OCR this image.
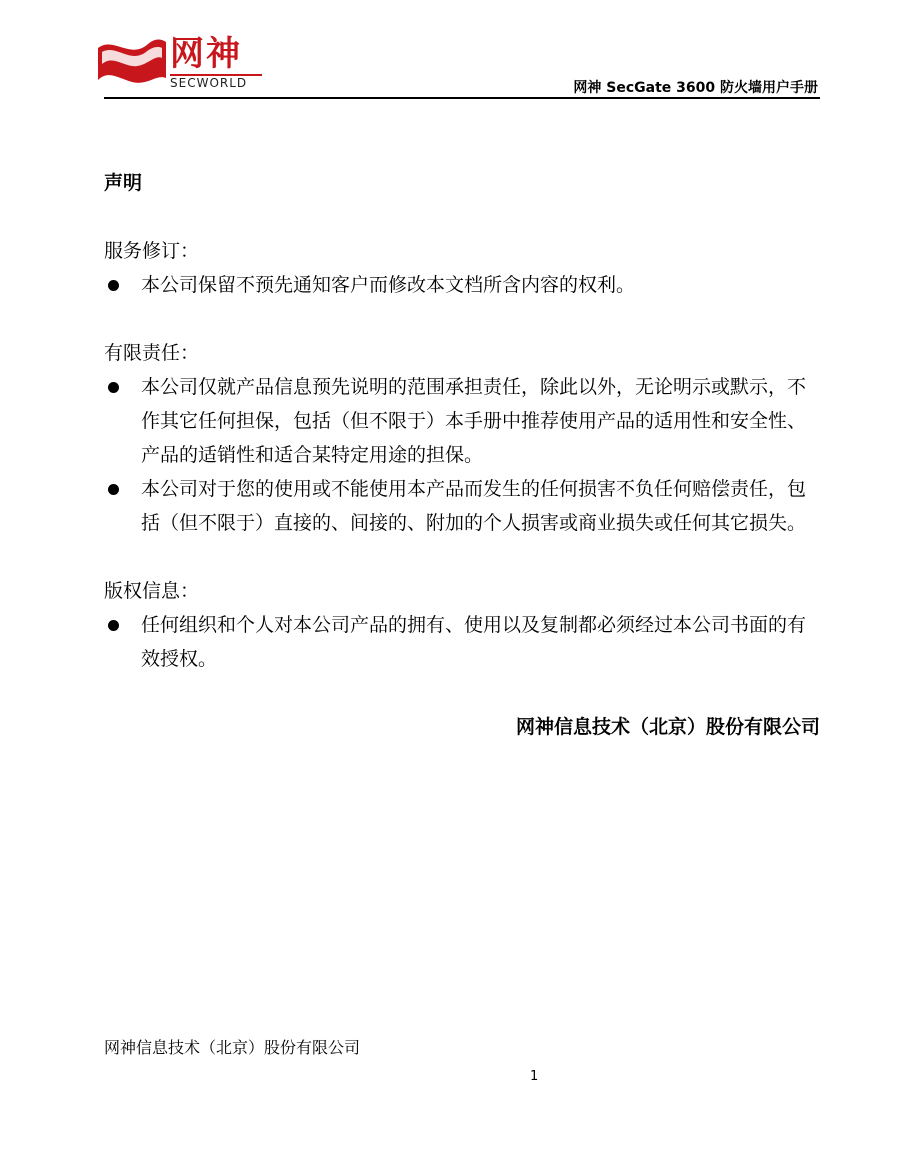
网神
SECWORLD	网神 SecGate 3600 防火墙用户手册
声明
服务修订：
本公司保留不预先通知客户而修改本文档所含内容的权利。
有限责任：
本公司仅就产品信息预先说明的范围承担责任，除此以外，无论明示或默示，不作其它任何担保，包括（但不限于）本手册中推荐使用产品的适用性和安全性、产品的适销性和适合某特定用途的担保。
本公司对于您的使用或不能使用本产品而发生的任何损害不负任何赔偿责任，包括（但不限于）直接的、间接的、附加的个人损害或商业损失或任何其它损失。
版权信息：
任何组织和个人对本公司产品的拥有、使用以及复制都必须经过本公司书面的有效授权。
网神信息技术（北京）股份有限公司
网神信息技术（北京）股份有限公司
1
